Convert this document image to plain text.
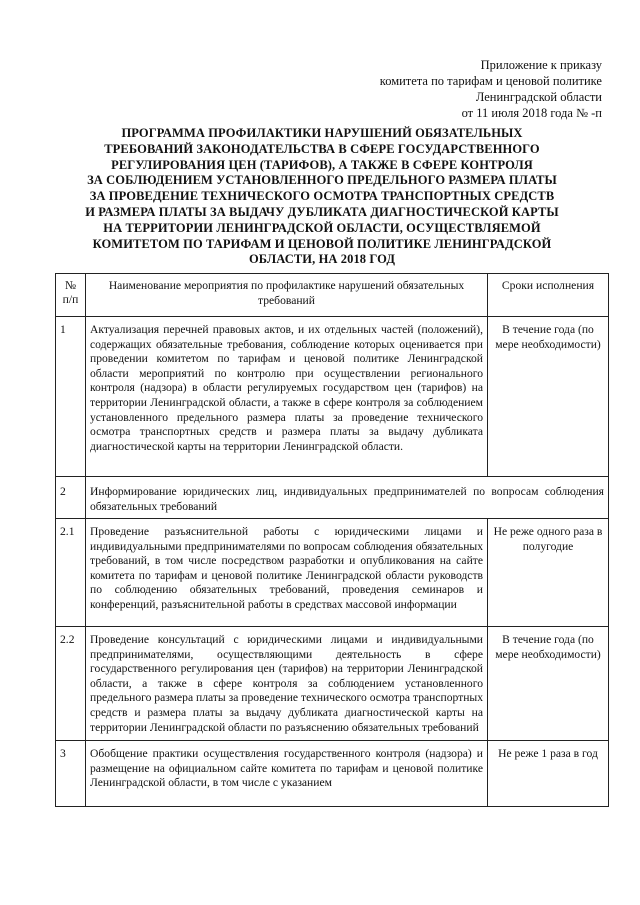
Приложение к приказу
комитета по тарифам и ценовой политике
Ленинградской области
от 11 июля 2018 года № -п
ПРОГРАММА ПРОФИЛАКТИКИ НАРУШЕНИЙ ОБЯЗАТЕЛЬНЫХ
ТРЕБОВАНИЙ ЗАКОНОДАТЕЛЬСТВА В СФЕРЕ ГОСУДАРСТВЕННОГО
РЕГУЛИРОВАНИЯ ЦЕН (ТАРИФОВ), А ТАКЖЕ В СФЕРЕ КОНТРОЛЯ
ЗА СОБЛЮДЕНИЕМ УСТАНОВЛЕННОГО ПРЕДЕЛЬНОГО РАЗМЕРА ПЛАТЫ
ЗА ПРОВЕДЕНИЕ ТЕХНИЧЕСКОГО ОСМОТРА ТРАНСПОРТНЫХ СРЕДСТВ
И РАЗМЕРА ПЛАТЫ ЗА ВЫДАЧУ ДУБЛИКАТА ДИАГНОСТИЧЕСКОЙ КАРТЫ
НА ТЕРРИТОРИИ ЛЕНИНГРАДСКОЙ ОБЛАСТИ, ОСУЩЕСТВЛЯЕМОЙ
КОМИТЕТОМ ПО ТАРИФАМ И ЦЕНОВОЙ ПОЛИТИКЕ ЛЕНИНГРАДСКОЙ
ОБЛАСТИ, НА 2018 ГОД
№
п/п	Наименование мероприятия по профилактике нарушений обязательных требований	Сроки исполнения
1	Актуализация перечней правовых актов, и их отдельных частей (положений), содержащих обязательные требования, соблюдение которых оценивается при проведении комитетом по тарифам и ценовой политике Ленинградской области мероприятий по контролю при осуществлении регионального контроля (надзора) в области регулируемых государством цен (тарифов) на территории Ленинградской области, а также в сфере контроля за соблюдением установленного предельного размера платы за проведение технического осмотра транспортных средств и размера платы за выдачу дубликата диагностической карты на территории Ленинградской области.	В течение года (по мере необходимости)
2	Информирование юридических лиц, индивидуальных предпринимателей по вопросам соблюдения обязательных требований	
2.1	Проведение разъяснительной работы с юридическими лицами и индивидуальными предпринимателями по вопросам соблюдения обязательных требований, в том числе посредством разработки и опубликования на сайте комитета по тарифам и ценовой политике Ленинградской области руководств по соблюдению обязательных требований, проведения семинаров и конференций, разъяснительной работы в средствах массовой информации	Не реже одного раза в полугодие
2.2	Проведение консультаций с юридическими лицами и индивидуальными предпринимателями, осуществляющими деятельность в сфере государственного регулирования цен (тарифов) на территории Ленинградской области, а также в сфере контроля за соблюдением установленного предельного размера платы за проведение технического осмотра транспортных средств и размера платы за выдачу дубликата диагностической карты на территории Ленинградской области по разъяснению обязательных требований	В течение года (по мере необходимости)
3	Обобщение практики осуществления государственного контроля (надзора) и размещение на официальном сайте комитета по тарифам и ценовой политике Ленинградской области, в том числе с указанием	Не реже 1 раза в год
